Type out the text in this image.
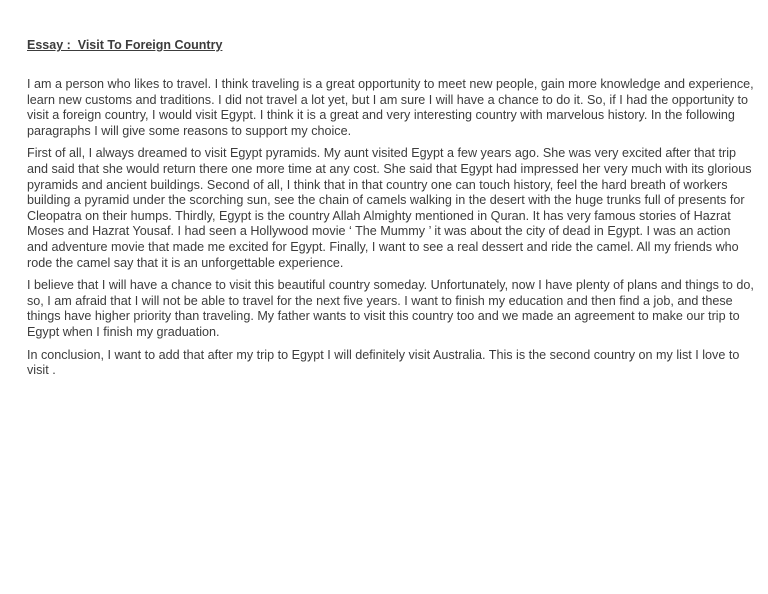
Essay :  Visit To Foreign Country

I am a person who likes to travel. I think traveling is a great opportunity to meet new people, gain more knowledge and experience, learn new customs and traditions. I did not travel a lot yet, but I am sure I will have a chance to do it. So, if I had the opportunity to visit a foreign country, I would visit Egypt. I think it is a great and very interesting country with marvelous history. In the following paragraphs I will give some reasons to support my choice.

First of all, I always dreamed to visit Egypt pyramids. My aunt visited Egypt a few years ago. She was very excited after that trip and said that she would return there one more time at any cost. She said that Egypt had impressed her very much with its glorious pyramids and ancient buildings. Second of all, I think that in that country one can touch history, feel the hard breath of workers building a pyramid under the scorching sun, see the chain of camels walking in the desert with the huge trunks full of presents for Cleopatra on their humps. Thirdly, Egypt is the country Allah Almighty mentioned in Quran. It has very famous stories of Hazrat Moses and Hazrat Yousaf. I had seen a Hollywood movie ‘ The Mummy ’ it was about the city of dead in Egypt. I was an action and adventure movie that made me excited for Egypt. Finally, I want to see a real dessert and ride the camel. All my friends who rode the camel say that it is an unforgettable experience.

I believe that I will have a chance to visit this beautiful country someday. Unfortunately, now I have plenty of plans and things to do, so, I am afraid that I will not be able to travel for the next five years. I want to finish my education and then find a job, and these things have higher priority than traveling. My father wants to visit this country too and we made an agreement to make our trip to Egypt when I finish my graduation.

In conclusion, I want to add that after my trip to Egypt I will definitely visit Australia. This is the second country on my list I love to visit .
